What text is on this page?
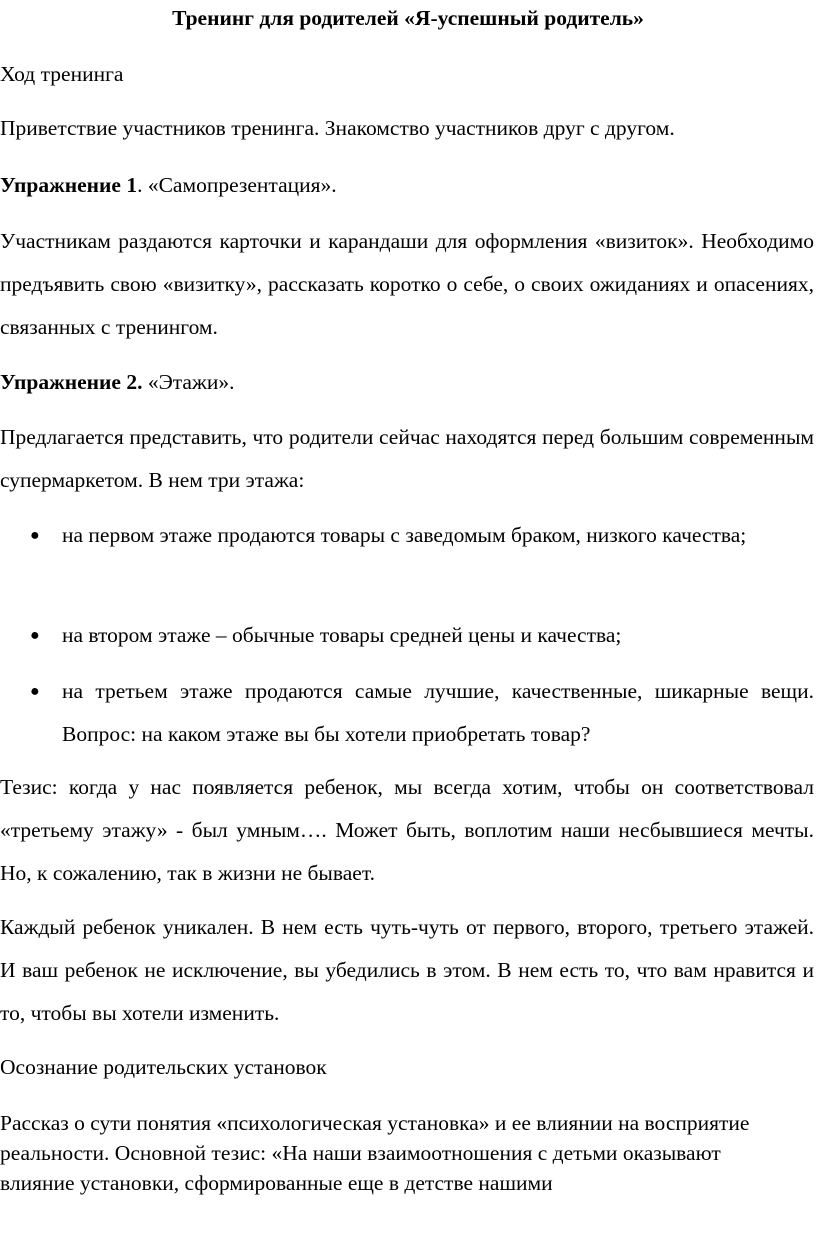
Тренинг для родителей «Я-успешный родитель»

Ход тренинга

Приветствие участников тренинга. Знакомство участников друг с другом.

Упражнение 1. «Самопрезентация».

Участникам раздаются карточки и карандаши для оформления «визиток». Необходимо предъявить свою «визитку», рассказать коротко о себе, о своих ожиданиях и опасениях, связанных с тренингом.

Упражнение 2. «Этажи».

Предлагается представить, что родители сейчас находятся перед большим современным супермаркетом. В нем три этажа:

● на первом этаже продаются товары с заведомым браком, низкого качества;

● на втором этаже – обычные товары средней цены и качества;

● на третьем этаже продаются самые лучшие, качественные, шикарные вещи. Вопрос: на каком этаже вы бы хотели приобретать товар?

Тезис: когда у нас появляется ребенок, мы всегда хотим, чтобы он соответствовал «третьему этажу» - был умным…. Может быть, воплотим наши несбывшиеся мечты. Но, к сожалению, так в жизни не бывает.

Каждый ребенок уникален. В нем есть чуть-чуть от первого, второго, третьего этажей. И ваш ребенок не исключение, вы убедились в этом. В нем есть то, что вам нравится и то, чтобы вы хотели изменить.

Осознание родительских установок

Рассказ о сути понятия «психологическая установка» и ее влиянии на восприятие реальности. Основной тезис: «На наши взаимоотношения с детьми оказывают влияние установки, сформированные еще в детстве нашими
